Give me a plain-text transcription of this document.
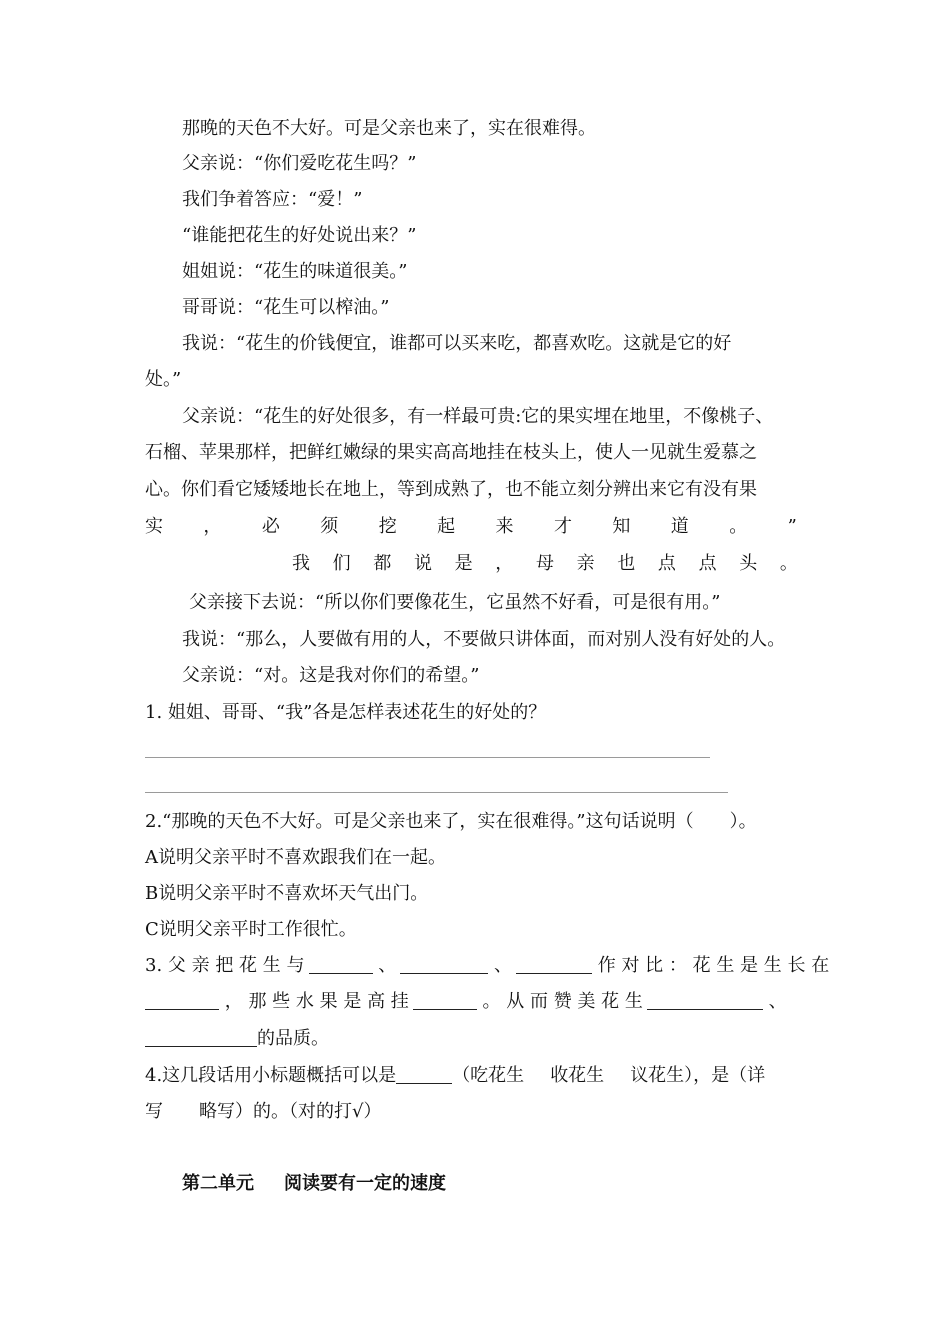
那晚的天色不大好。可是父亲也来了，实在很难得。
父亲说：“你们爱吃花生吗？”
我们争着答应：“爱！”
“谁能把花生的好处说出来？”
姐姐说：“花生的味道很美。”
哥哥说：“花生可以榨油。”
我说：“花生的价钱便宜，谁都可以买来吃，都喜欢吃。这就是它的好
处。”
父亲说：“花生的好处很多，有一样最可贵:它的果实埋在地里，不像桃子、
石榴、苹果那样，把鲜红嫩绿的果实高高地挂在枝头上，使人一见就生爱慕之
心。你们看它矮矮地长在地上，等到成熟了，也不能立刻分辨出来它有没有果
实 ， 必 须 挖 起 来 才 知 道 。 ”
我 们 都 说 是 ， 母 亲 也 点 点 头 。
父亲接下去说：“所以你们要像花生，它虽然不好看，可是很有用。”
我说：“那么，人要做有用的人，不要做只讲体面，而对别人没有好处的人。
父亲说：“对。这是我对你们的希望。”
1. 姐姐、哥哥、“我”各是怎样表述花生的好处的？
2.“那晚的天色不大好。可是父亲也来了，实在很难得。”这句话说明（　　）。
A说明父亲平时不喜欢跟我们在一起。
B说明父亲平时不喜欢坏天气出门。
C说明父亲平时工作很忙。
3. 父 亲 把 花 生 与	、	、	作 对 比 ： 花 生 是 生 长 在
， 那 些 水 果 是 高 挂	。 从 而 赞 美 花 生	、
的品质。
4.这几段话用小标题概括可以是	（吃花生 收花生 议花生），是（详
写 略写）的。（对的打√）
第二单元 阅读要有一定的速度
